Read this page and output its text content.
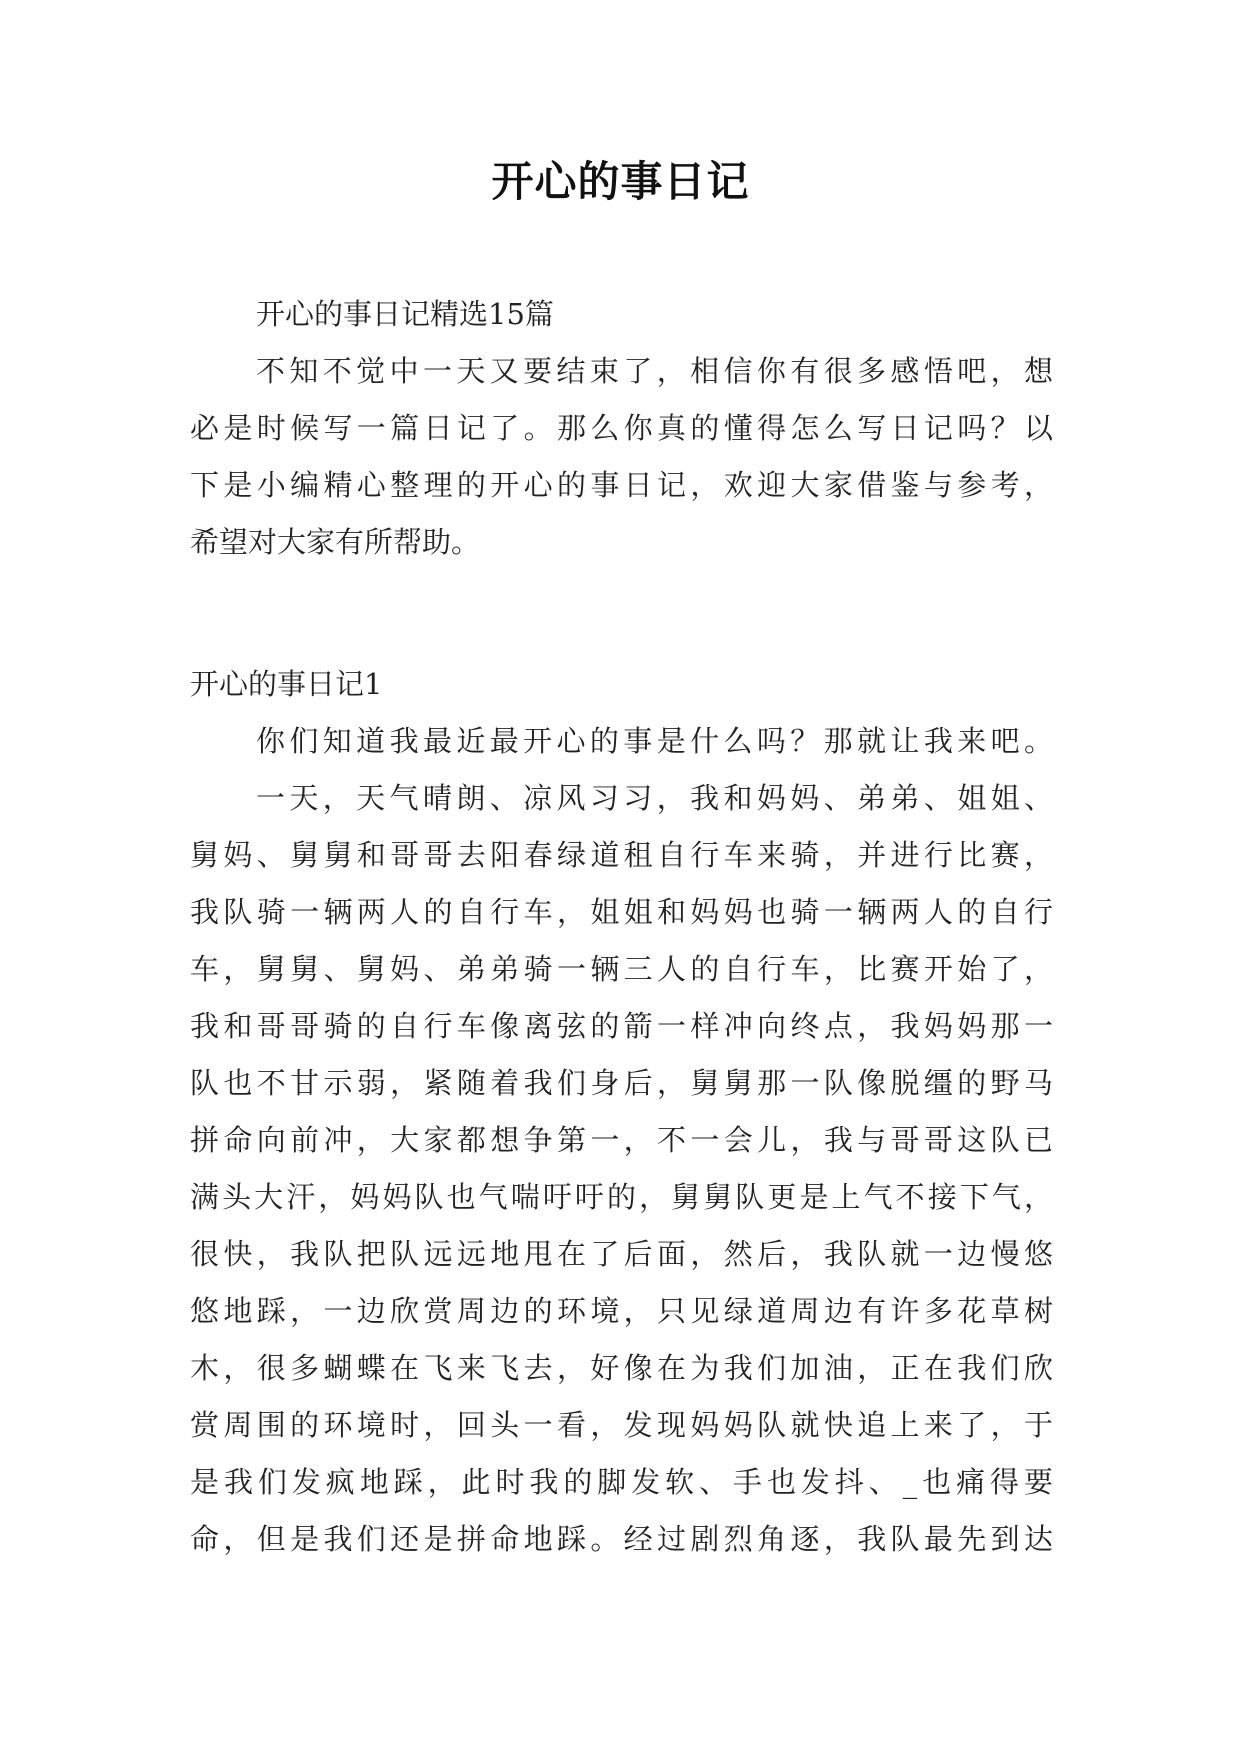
开心的事日记
开心的事日记精选15篇
不知不觉中一天又要结束了，相信你有很多感悟吧，想
必是时候写一篇日记了。那么你真的懂得怎么写日记吗？以
下是小编精心整理的开心的事日记，欢迎大家借鉴与参考，
希望对大家有所帮助。
开心的事日记1
你们知道我最近最开心的事是什么吗？那就让我来吧。
一天，天气晴朗、凉风习习，我和妈妈、弟弟、姐姐、
舅妈、舅舅和哥哥去阳春绿道租自行车来骑，并进行比赛，
我队骑一辆两人的自行车，姐姐和妈妈也骑一辆两人的自行
车，舅舅、舅妈、弟弟骑一辆三人的自行车，比赛开始了，
我和哥哥骑的自行车像离弦的箭一样冲向终点，我妈妈那一
队也不甘示弱，紧随着我们身后，舅舅那一队像脱缰的野马
拼命向前冲，大家都想争第一，不一会儿，我与哥哥这队已
满头大汗，妈妈队也气喘吁吁的，舅舅队更是上气不接下气，
很快，我队把队远远地甩在了后面，然后，我队就一边慢悠
悠地踩，一边欣赏周边的环境，只见绿道周边有许多花草树
木，很多蝴蝶在飞来飞去，好像在为我们加油，正在我们欣
赏周围的环境时，回头一看，发现妈妈队就快追上来了，于
是我们发疯地踩，此时我的脚发软、手也发抖、_也痛得要
命，但是我们还是拼命地踩。经过剧烈角逐，我队最先到达
